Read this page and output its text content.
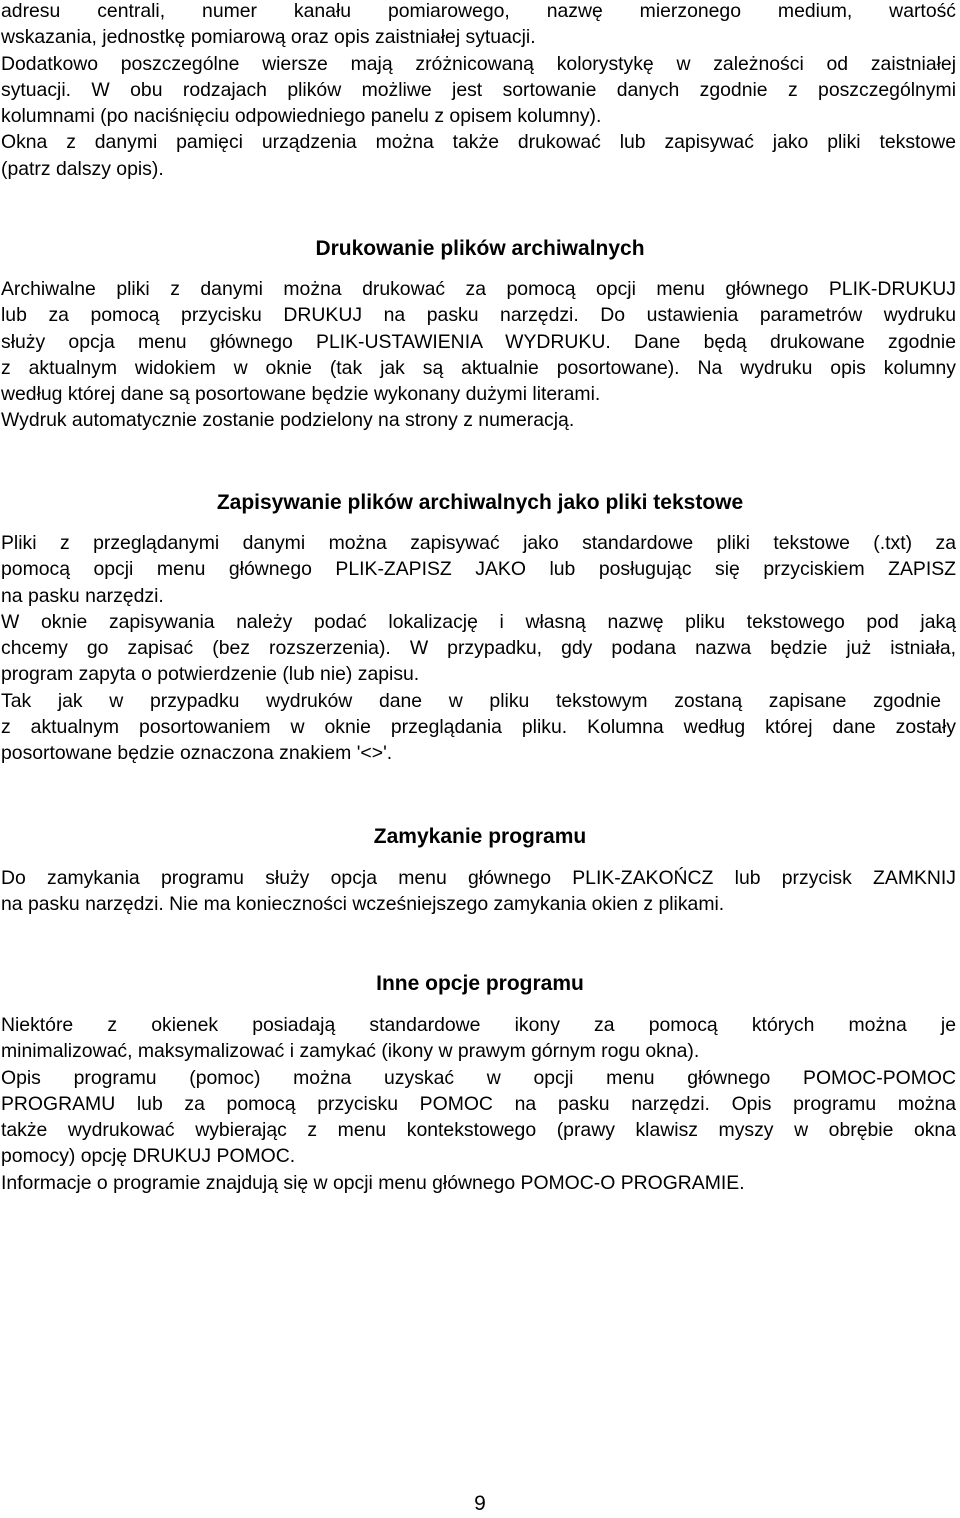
adresu centrali, numer kanału pomiarowego, nazwę mierzonego medium, wartość
wskazania, jednostkę pomiarową oraz opis zaistniałej sytuacji.
Dodatkowo poszczególne wiersze mają zróżnicowaną kolorystykę w zależności od zaistniałej
sytuacji. W obu rodzajach plików możliwe jest sortowanie danych zgodnie z poszczególnymi
kolumnami (po naciśnięciu odpowiedniego panelu z opisem kolumny).
Okna z danymi pamięci urządzenia można także drukować lub zapisywać jako pliki tekstowe
(patrz dalszy opis).
Drukowanie plików archiwalnych
Archiwalne pliki z danymi można drukować za pomocą opcji menu głównego PLIK-DRUKUJ
lub za pomocą przycisku DRUKUJ na pasku narzędzi. Do ustawienia parametrów wydruku
służy opcja menu głównego PLIK-USTAWIENIA WYDRUKU. Dane będą drukowane zgodnie
z aktualnym widokiem w oknie (tak jak są aktualnie posortowane). Na wydruku opis kolumny
według której dane są posortowane będzie wykonany dużymi literami.
Wydruk automatycznie zostanie podzielony na strony z numeracją.
Zapisywanie plików archiwalnych jako pliki tekstowe
Pliki z przeglądanymi danymi można zapisywać jako standardowe pliki tekstowe (.txt) za
pomocą opcji menu głównego PLIK-ZAPISZ JAKO lub posługując się przyciskiem ZAPISZ
na pasku narzędzi.
W oknie zapisywania należy podać lokalizację i własną nazwę pliku tekstowego pod jaką
chcemy go zapisać (bez rozszerzenia). W przypadku, gdy podana nazwa będzie już istniała,
program zapyta o potwierdzenie (lub nie) zapisu.
Tak jak w przypadku wydruków dane w pliku tekstowym zostaną zapisane zgodnie
z aktualnym posortowaniem w oknie przeglądania pliku. Kolumna według której dane zostały
posortowane będzie oznaczona znakiem '<>'.
Zamykanie programu
Do zamykania programu służy opcja menu głównego PLIK-ZAKOŃCZ lub przycisk ZAMKNIJ
na pasku narzędzi. Nie ma konieczności wcześniejszego zamykania okien z plikami.
Inne opcje programu
Niektóre z okienek posiadają standardowe ikony za pomocą których można je
minimalizować, maksymalizować i zamykać (ikony w prawym górnym rogu okna).
Opis programu (pomoc) można uzyskać w opcji menu głównego POMOC-POMOC
PROGRAMU lub za pomocą przycisku POMOC na pasku narzędzi. Opis programu można
także wydrukować wybierając z menu kontekstowego (prawy klawisz myszy w obrębie okna
pomocy) opcję DRUKUJ POMOC.
Informacje o programie znajdują się w opcji menu głównego POMOC-O PROGRAMIE.
9
